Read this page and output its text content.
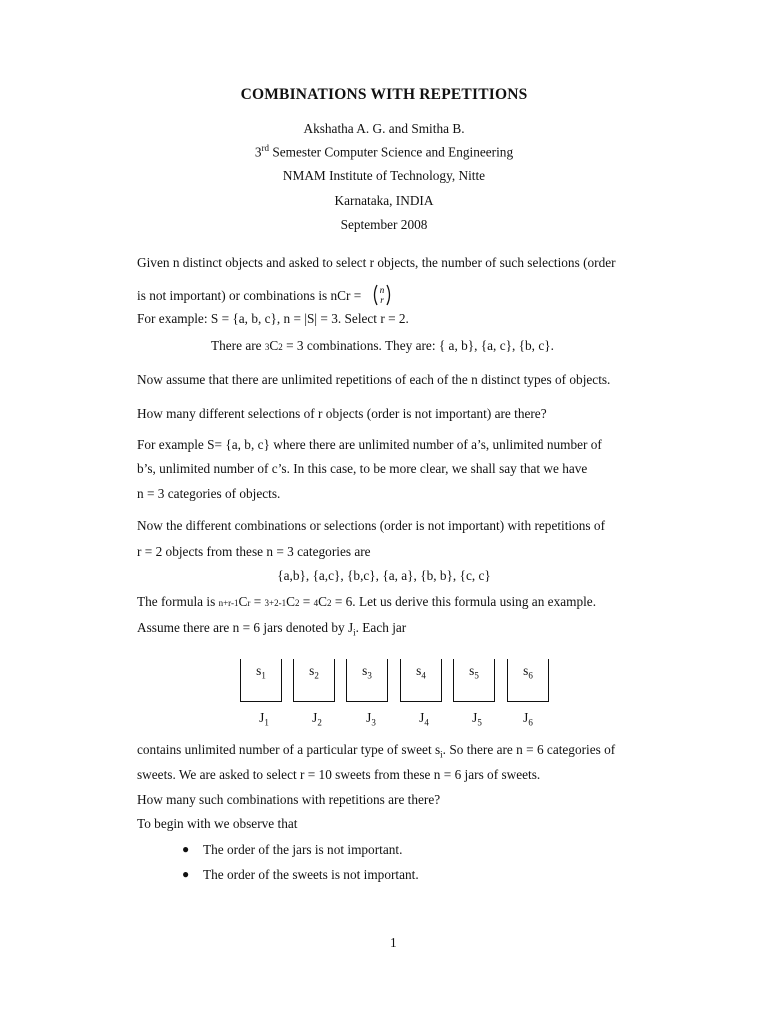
COMBINATIONS WITH REPETITIONS
Akshatha A. G. and Smitha B.
3rd Semester Computer Science and Engineering
NMAM Institute of Technology, Nitte
Karnataka, INDIA
September 2008
Given n distinct objects and asked to select r objects, the number of such selections (order
is not important) or combinations is nCr = n
r
For example: S = {a, b, c}, n = |S| = 3. Select r = 2.
There are 3C2 = 3 combinations. They are: { a, b}, {a, c}, {b, c}.
Now assume that there are unlimited repetitions of each of the n distinct types of objects.
How many different selections of r objects (order is not important) are there?
For example S= {a, b, c} where there are unlimited number of a’s, unlimited number of
b’s, unlimited number of c’s. In this case, to be more clear, we shall say that we have
n = 3 categories of objects.
Now the different combinations or selections (order is not important) with repetitions of
r = 2 objects from these n = 3 categories are
{a,b}, {a,c}, {b,c}, {a, a}, {b, b}, {c, c}
The formula is n+r-1Cr = 3+2-1C2 = 4C2 = 6. Let us derive this formula using an example.
Assume there are n = 6 jars denoted by $J_i$. Each jar
$s_1$	$s_2$	$s_3$	$s_4$	$s_5$	$s_6$
$J_1$	$J_2$	$J_3$	$J_4$	$J_5$	$J_6$
contains unlimited number of a particular type of sweet $s_i$. So there are n = 6 categories of
sweets. We are asked to select r = 10 sweets from these n = 6 jars of sweets.
How many such combinations with repetitions are there?
To begin with we observe that
● The order of the jars is not important.
● The order of the sweets is not important.
1
